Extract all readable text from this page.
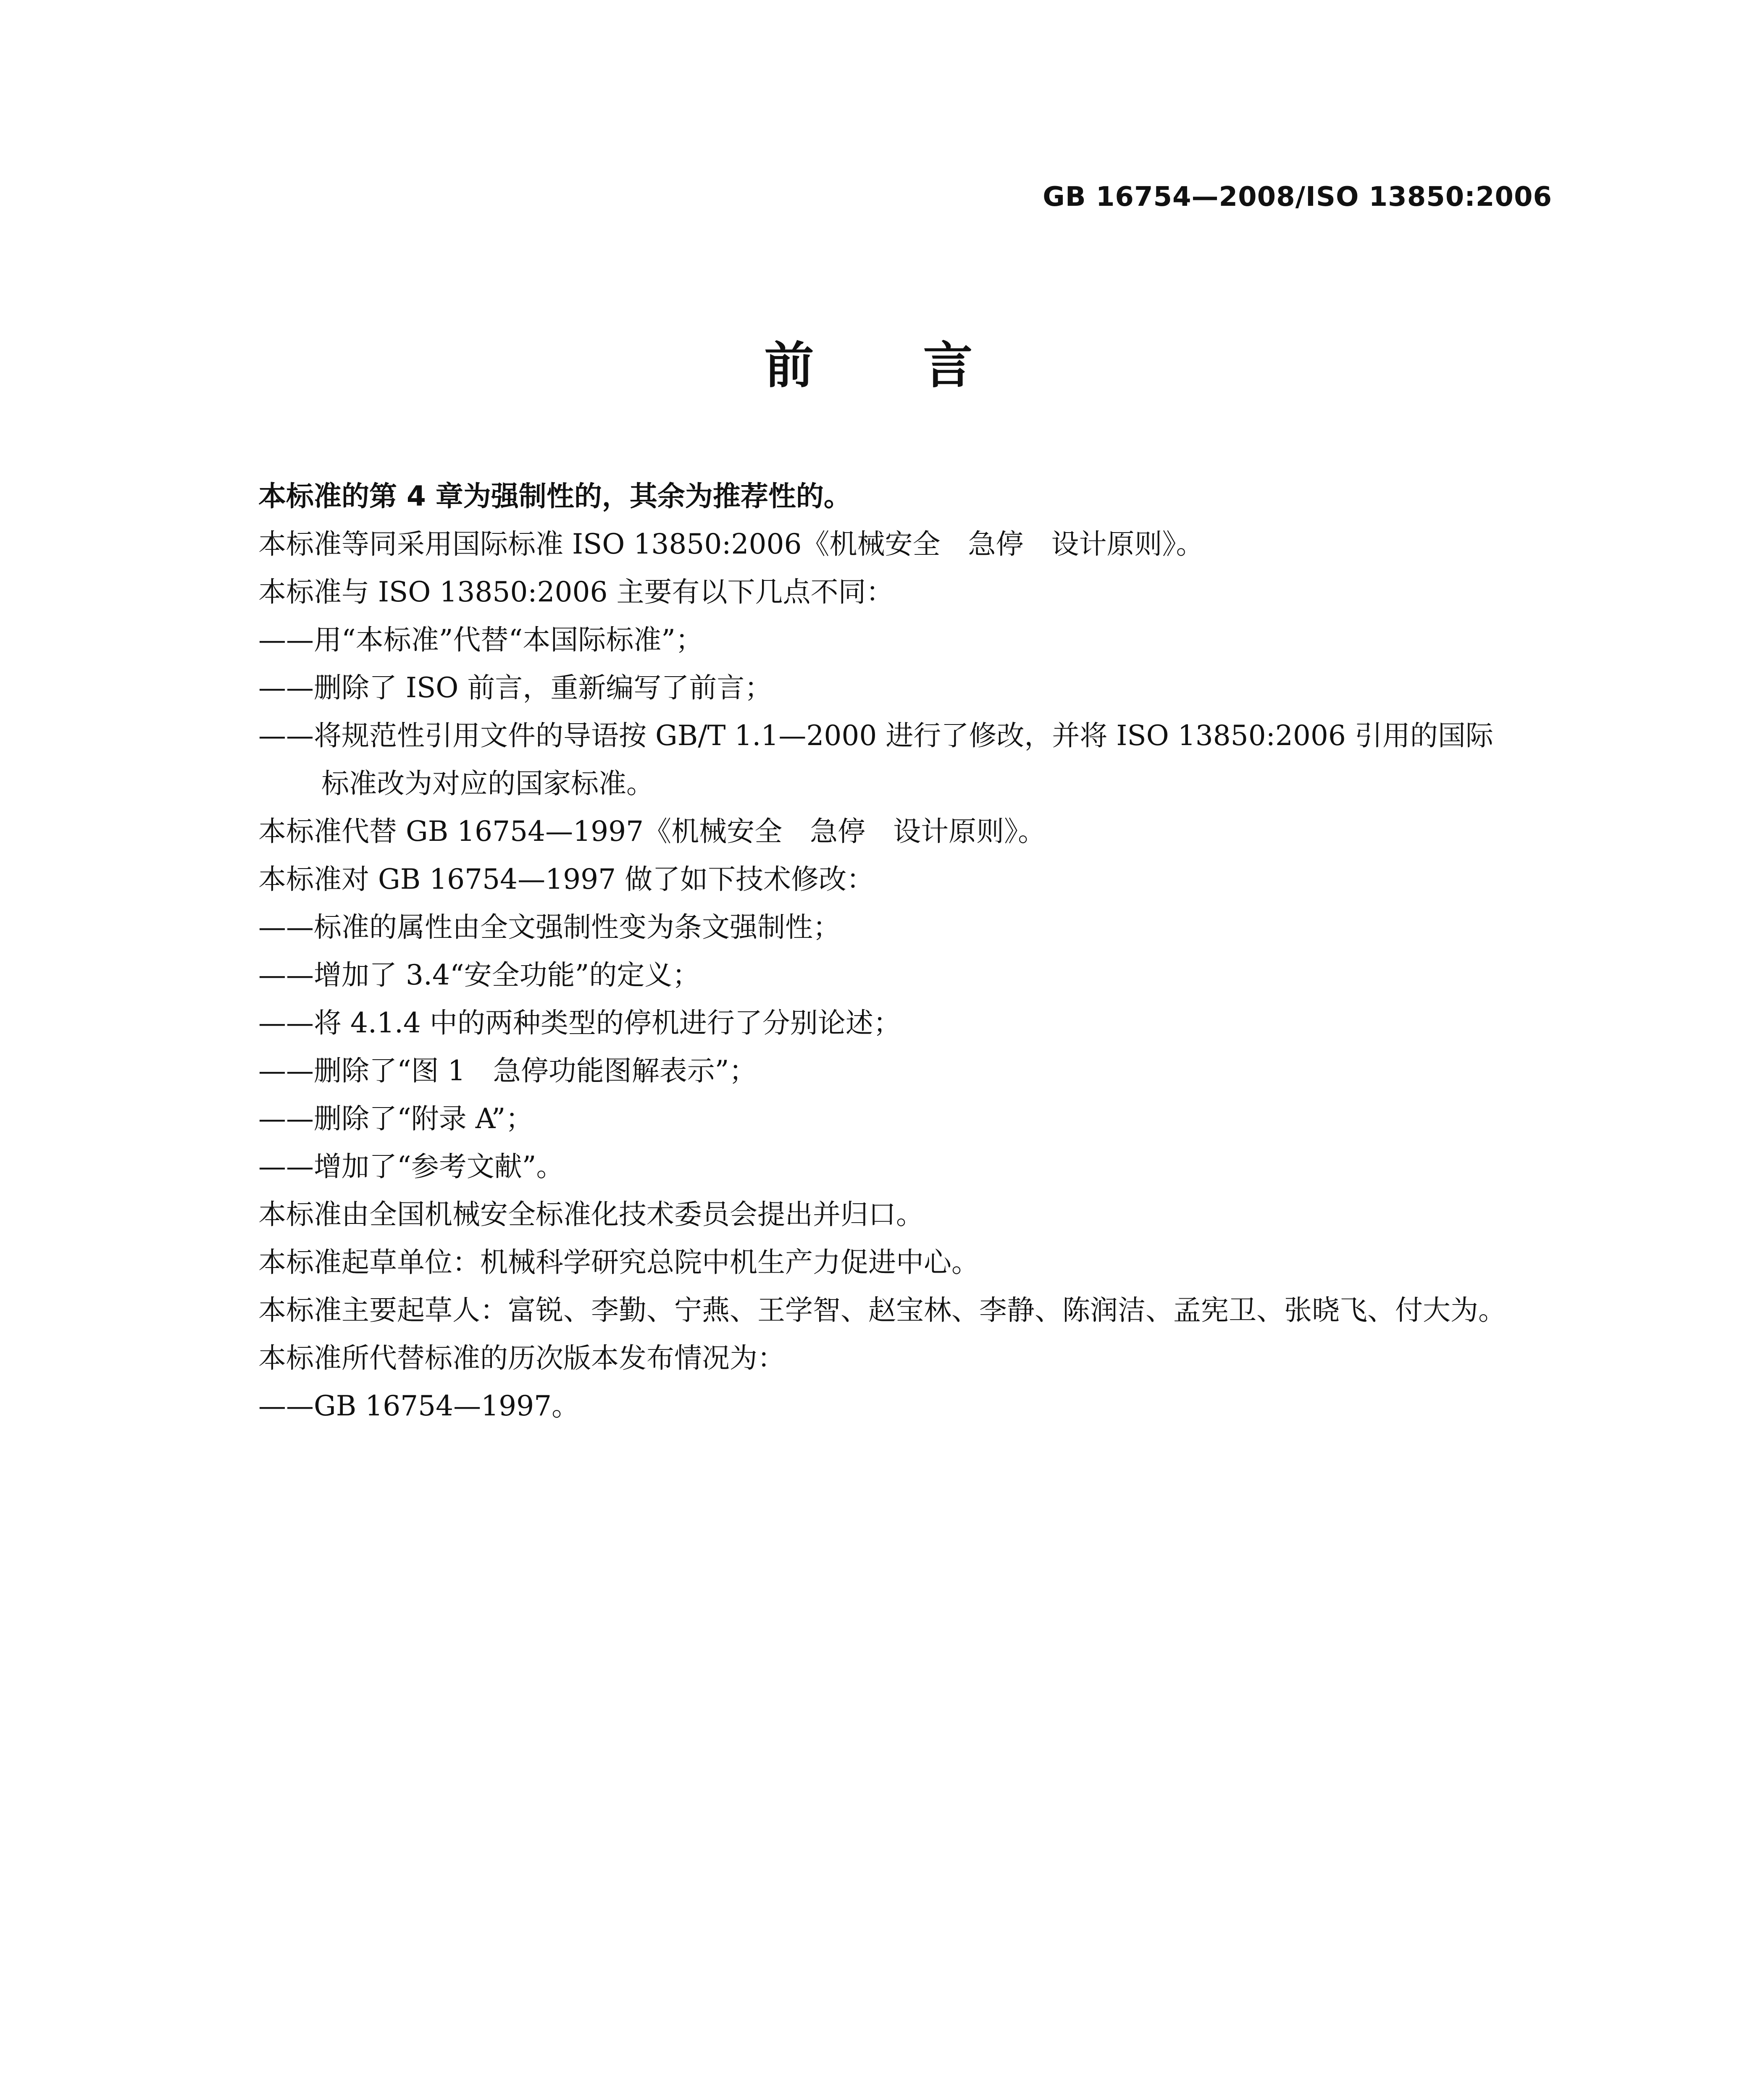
GB 16754—2008/ISO 13850:2006
前言
本标准的第 4 章为强制性的，其余为推荐性的。
本标准等同采用国际标准 ISO 13850:2006《机械安全　急停　设计原则》。
本标准与 ISO 13850:2006 主要有以下几点不同：
——用“本标准”代替“本国际标准”；
——删除了 ISO 前言，重新编写了前言；
——将规范性引用文件的导语按 GB/T 1.1—2000 进行了修改，并将 ISO 13850:2006 引用的国际
标准改为对应的国家标准。
本标准代替 GB 16754—1997《机械安全　急停　设计原则》。
本标准对 GB 16754—1997 做了如下技术修改：
——标准的属性由全文强制性变为条文强制性；
——增加了 3.4“安全功能”的定义；
——将 4.1.4 中的两种类型的停机进行了分别论述；
——删除了“图 1　急停功能图解表示”；
——删除了“附录 A”；
——增加了“参考文献”。
本标准由全国机械安全标准化技术委员会提出并归口。
本标准起草单位：机械科学研究总院中机生产力促进中心。
本标准主要起草人：富锐、李勤、宁燕、王学智、赵宝林、李静、陈润洁、孟宪卫、张晓飞、付大为。
本标准所代替标准的历次版本发布情况为：
——GB 16754—1997。
